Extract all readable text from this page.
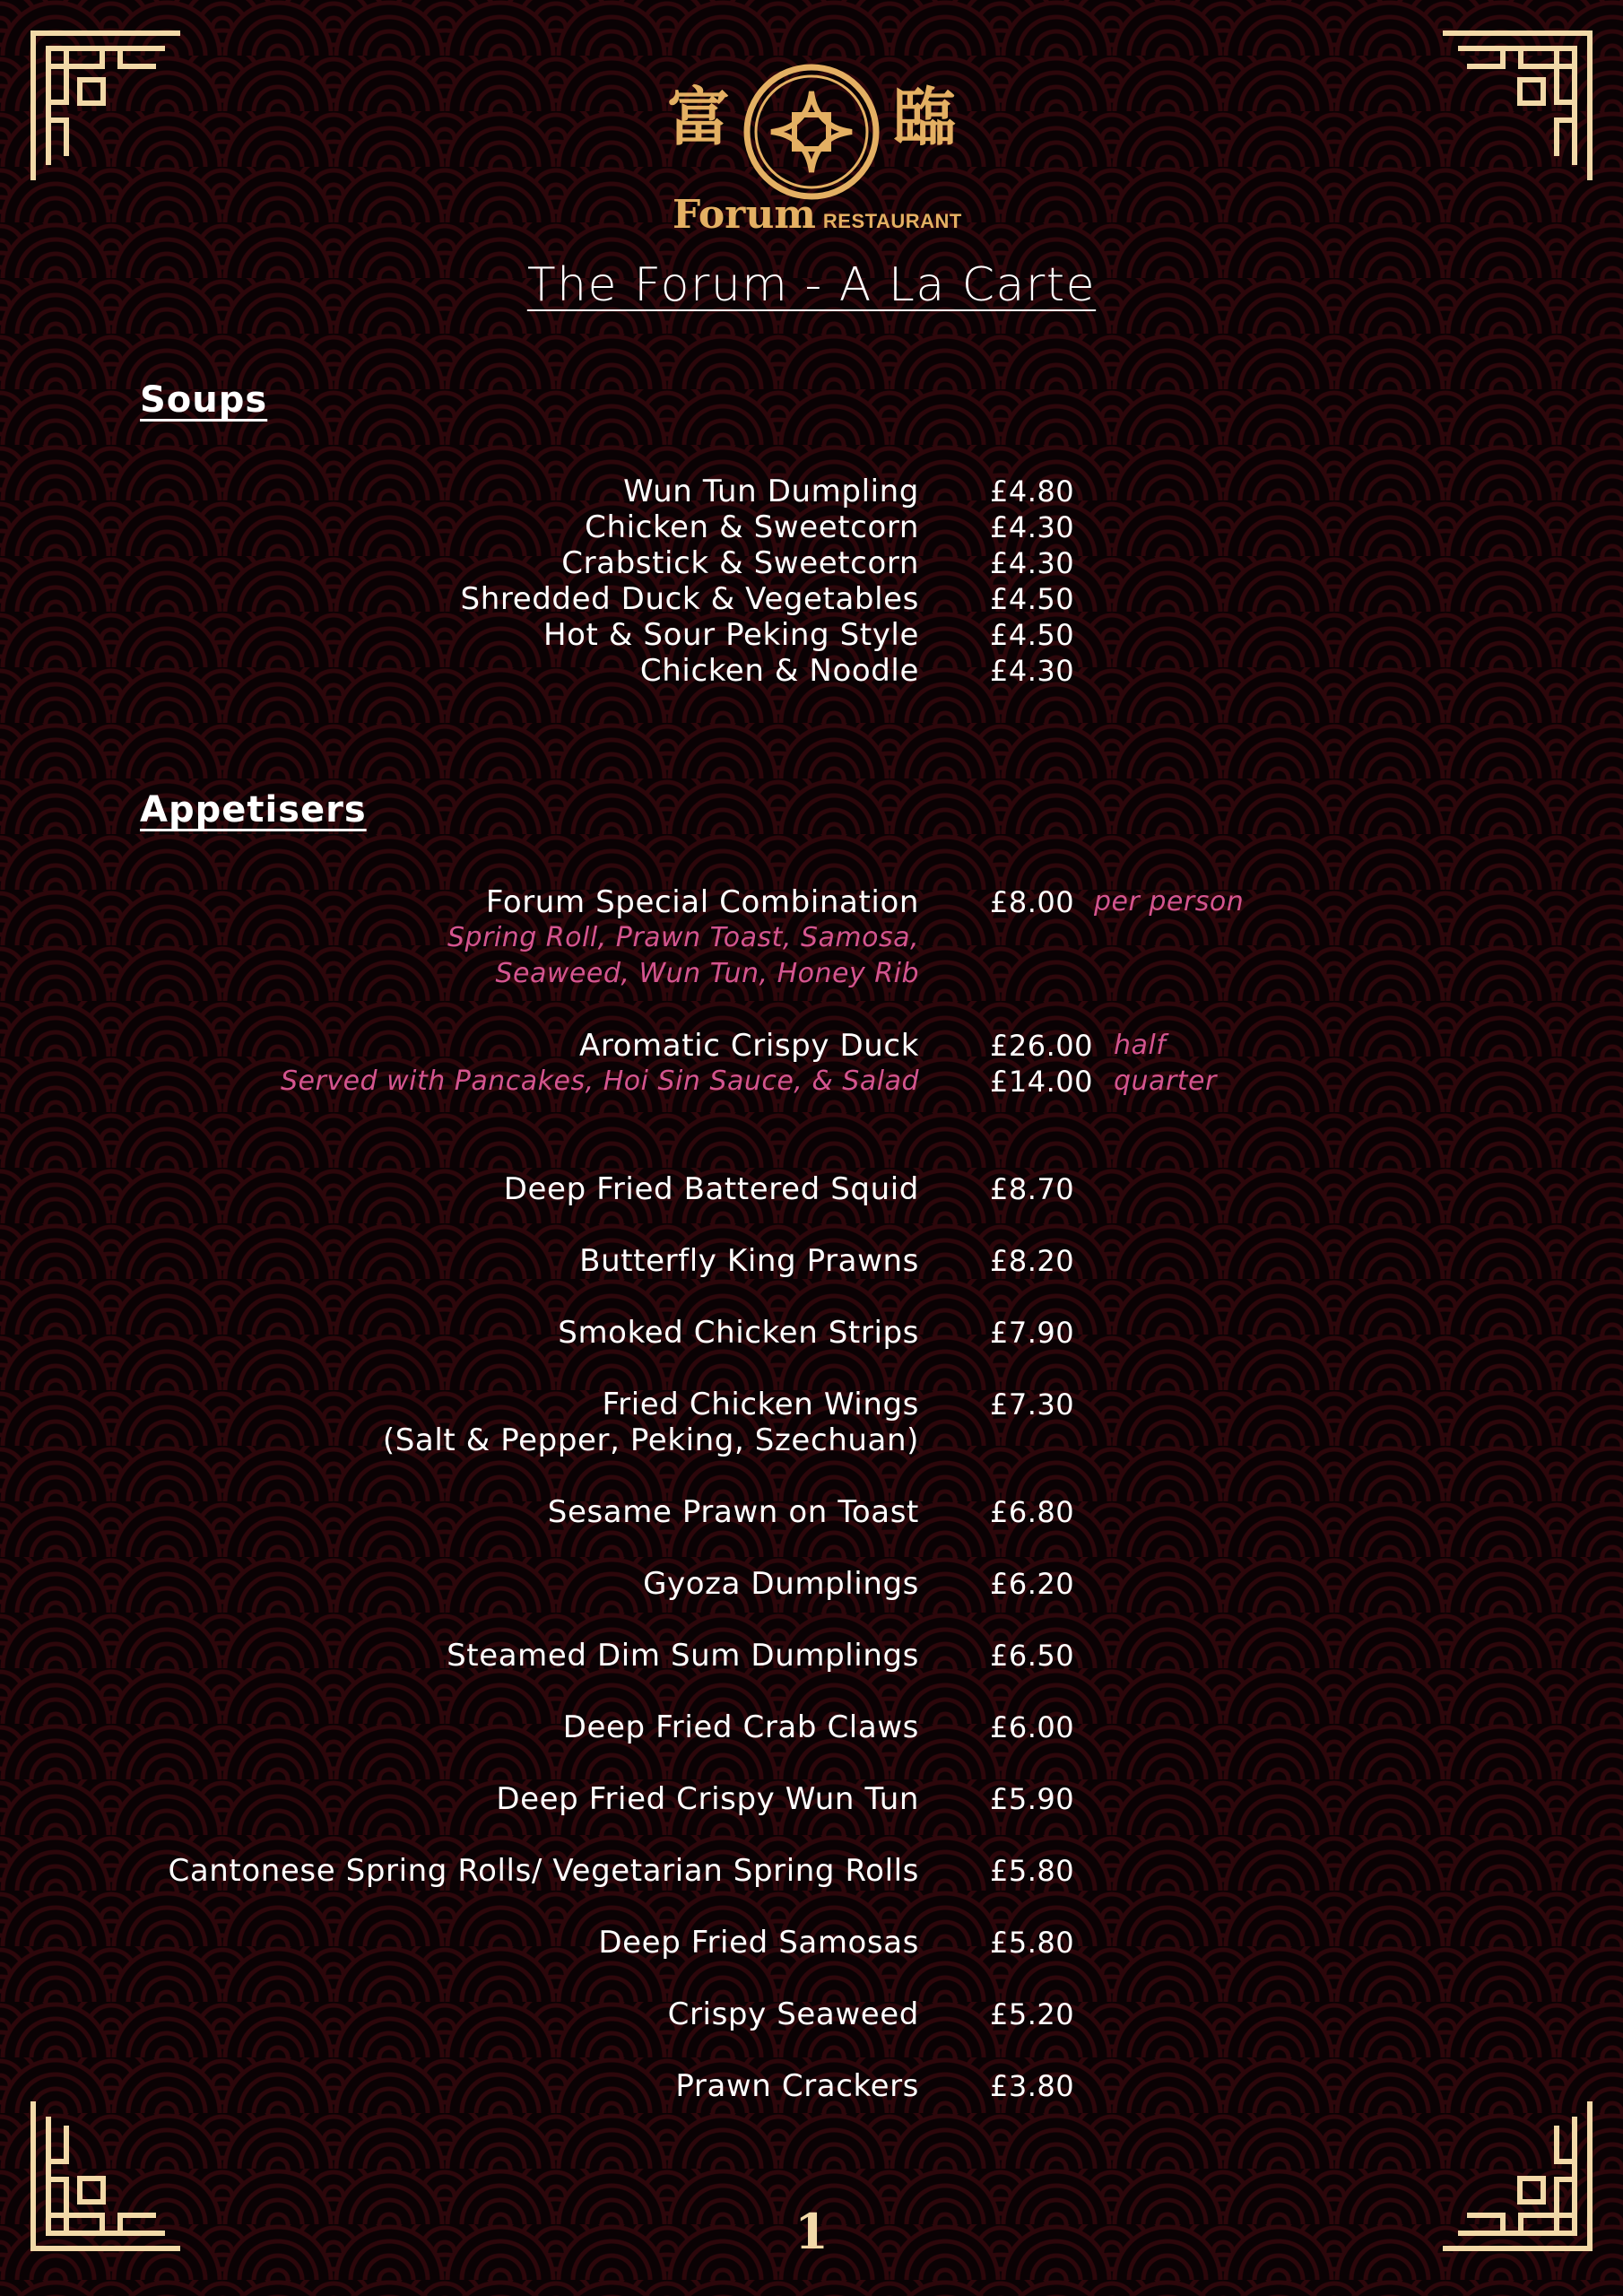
富	臨
Forum RESTAURANT
The Forum - A La Carte
Soups
Wun Tun Dumpling £4.80
Chicken & Sweetcorn £4.30
Crabstick & Sweetcorn £4.30
Shredded Duck & Vegetables £4.50
Hot & Sour Peking Style £4.50
Chicken & Noodle £4.30
Appetisers
Forum Special Combination £8.00 per person
Spring Roll, Prawn Toast, Samosa,
Seaweed, Wun Tun, Honey Rib
Aromatic Crispy Duck £26.00 half
Served with Pancakes, Hoi Sin Sauce, & Salad £14.00 quarter
Deep Fried Battered Squid £8.70
Butterfly King Prawns £8.20
Smoked Chicken Strips £7.90
Fried Chicken Wings £7.30
(Salt & Pepper, Peking, Szechuan)
Sesame Prawn on Toast £6.80
Gyoza Dumplings £6.20
Steamed Dim Sum Dumplings £6.50
Deep Fried Crab Claws £6.00
Deep Fried Crispy Wun Tun £5.90
Cantonese Spring Rolls/ Vegetarian Spring Rolls £5.80
Deep Fried Samosas £5.80
Crispy Seaweed £5.20
Prawn Crackers £3.80
1
